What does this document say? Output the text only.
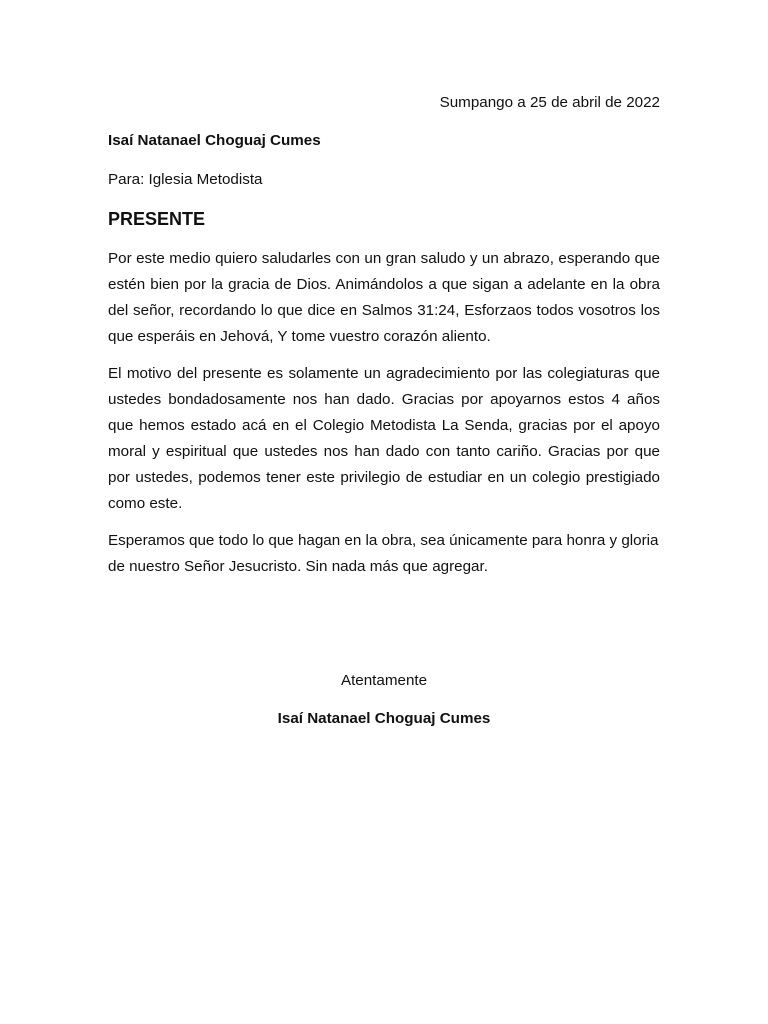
Sumpango a 25 de abril de 2022
Isaí Natanael Choguaj Cumes
Para: Iglesia Metodista
PRESENTE

Por este medio quiero saludarles con un gran saludo y un abrazo, esperando que estén bien por la gracia de Dios. Animándolos a que sigan a adelante en la obra del señor, recordando lo que dice en Salmos 31:24, Esforzaos todos vosotros los que esperáis en Jehová, Y tome vuestro corazón aliento.

El motivo del presente es solamente un agradecimiento por las colegiaturas que ustedes bondadosamente nos han dado. Gracias por apoyarnos estos 4 años que hemos estado acá en el Colegio Metodista La Senda, gracias por el apoyo moral y espiritual que ustedes nos han dado con tanto cariño. Gracias por que por ustedes, podemos tener este privilegio de estudiar en un colegio prestigiado como este.

Esperamos que todo lo que hagan en la obra, sea únicamente para honra y gloria de nuestro Señor Jesucristo. Sin nada más que agregar.

Atentamente
Isaí Natanael Choguaj Cumes
